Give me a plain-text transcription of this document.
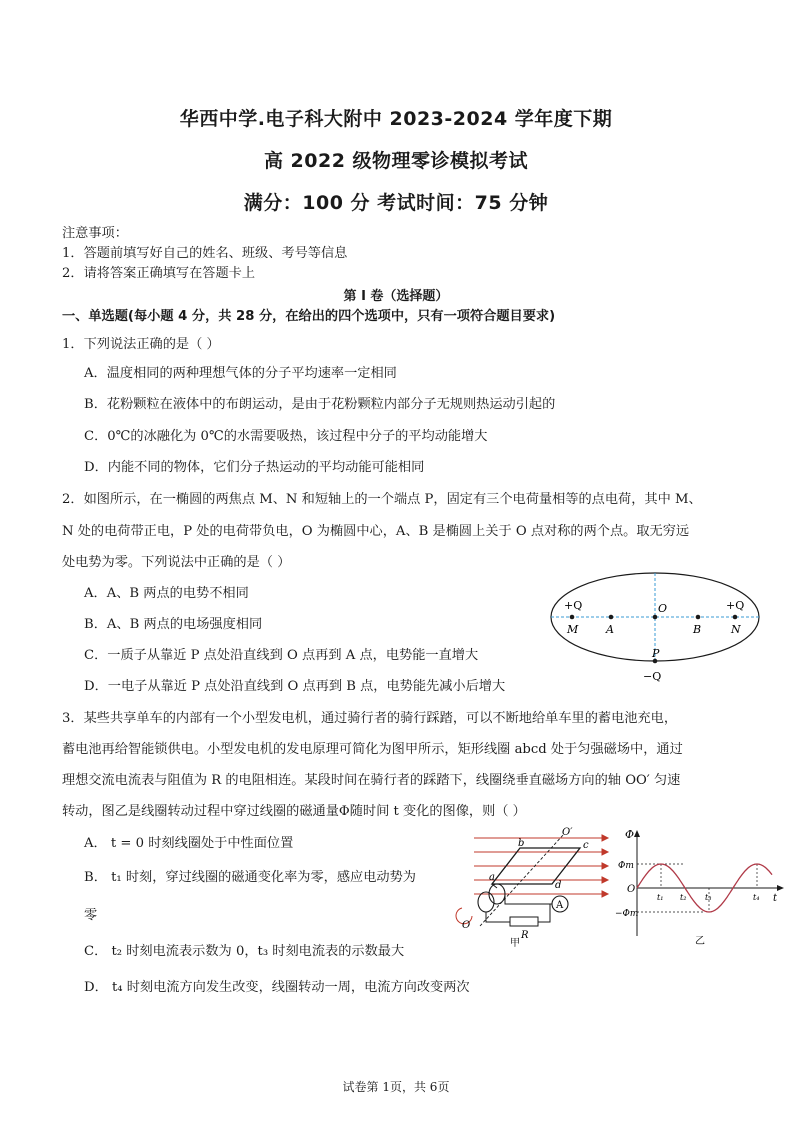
华西中学.电子科大附中 2023-2024 学年度下期
高 2022 级物理零诊模拟考试
满分：100 分 考试时间：75 分钟
注意事项：
1．答题前填写好自己的姓名、班级、考号等信息
2．请将答案正确填写在答题卡上
第 I 卷（选择题）
一、单选题(每小题 4 分，共 28 分，在给出的四个选项中，只有一项符合题目要求)
1．下列说法正确的是（ ）
A．温度相同的两种理想气体的分子平均速率一定相同
B．花粉颗粒在液体中的布朗运动，是由于花粉颗粒内部分子无规则热运动引起的
C．0℃的冰融化为 0℃的水需要吸热，该过程中分子的平均动能增大
D．内能不同的物体，它们分子热运动的平均动能可能相同
2．如图所示，在一椭圆的两焦点 M、N 和短轴上的一个端点 P，固定有三个电荷量相等的点电荷，其中 M、
N 处的电荷带正电，P 处的电荷带负电，O 为椭圆中心，A、B 是椭圆上关于 O 点对称的两个点。取无穷远
处电势为零。下列说法中正确的是（ ）
A．A、B 两点的电势不相同
B．A、B 两点的电场强度相同
C．一质子从靠近 P 点处沿直线到 O 点再到 A 点，电势能一直增大
D．一电子从靠近 P 点处沿直线到 O 点再到 B 点，电势能先减小后增大
+Q	+Q
O
M	A	B	N
P
−Q
3．某些共享单车的内部有一个小型发电机，通过骑行者的骑行踩踏，可以不断地给单车里的蓄电池充电，
蓄电池再给智能锁供电。小型发电机的发电原理可简化为图甲所示，矩形线圈 abcd 处于匀强磁场中，通过
理想交流电流表与阻值为 R 的电阻相连。某段时间在骑行者的踩踏下，线圈绕垂直磁场方向的轴 OO′ 匀速
转动，图乙是线圈转动过程中穿过线圈的磁通量Φ随时间 t 变化的图像，则（ ）
A． t = 0 时刻线圈处于中性面位置
B． t₁ 时刻，穿过线圈的磁通变化率为零，感应电动势为
零
C． t₂ 时刻电流表示数为 0，t₃ 时刻电流表的示数最大
D． t₄ 时刻电流方向发生改变，线圈转动一周，电流方向改变两次
A
O′
O
b	c
a
d
R
甲
Φ
Φm
−Φm
O
t₁ t₂ t₃	t₄ t
乙
试卷第 1页，共 6页
